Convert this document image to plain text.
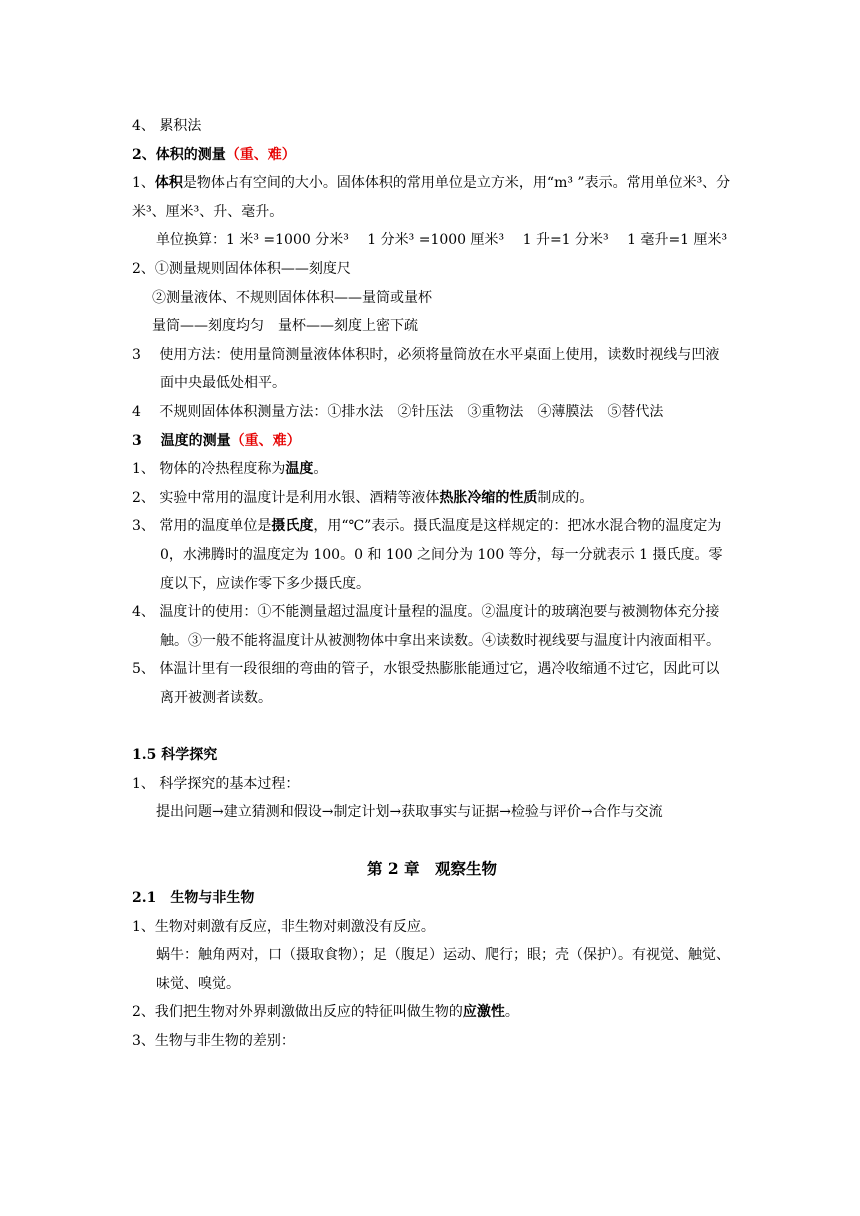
4、 累积法
2、体积的测量（重、难）
1、体积是物体占有空间的大小。固体体积的常用单位是立方米，用“m³ ”表示。常用单位米³、分米³、厘米³、升、毫升。
单位换算：1 米³ =1000 分米³　 1 分米³ =1000 厘米³　 1 升=1 分米³　 1 毫升=1 厘米³
2、①测量规则固体体积——刻度尺
②测量液体、不规则固体体积——量筒或量杯
量筒——刻度均匀　量杯——刻度上密下疏
3　 使用方法：使用量筒测量液体体积时，必须将量筒放在水平桌面上使用，读数时视线与凹液面中央最低处相平。
4　 不规则固体体积测量方法：①排水法　②针压法　③重物法　④薄膜法　⑤替代法
3　 温度的测量（重、难）
1、 物体的冷热程度称为温度。
2、 实验中常用的温度计是利用水银、酒精等液体热胀冷缩的性质制成的。
3、 常用的温度单位是摄氏度，用“℃”表示。摄氏温度是这样规定的：把冰水混合物的温度定为 0，水沸腾时的温度定为 100。0 和 100 之间分为 100 等分，每一分就表示 1 摄氏度。零度以下，应读作零下多少摄氏度。
4、 温度计的使用：①不能测量超过温度计量程的温度。②温度计的玻璃泡要与被测物体充分接触。③一般不能将温度计从被测物体中拿出来读数。④读数时视线要与温度计内液面相平。
5、 体温计里有一段很细的弯曲的管子，水银受热膨胀能通过它，遇冷收缩通不过它，因此可以离开被测者读数。
1.5 科学探究
1、 科学探究的基本过程：
提出问题→建立猜测和假设→制定计划→获取事实与证据→检验与评价→合作与交流
第 2 章　观察生物
2.1　生物与非生物
1、生物对刺激有反应，非生物对刺激没有反应。
蜗牛：触角两对，口（摄取食物）；足（腹足）运动、爬行；眼；壳（保护）。有视觉、触觉、味觉、嗅觉。
2、我们把生物对外界刺激做出反应的特征叫做生物的应激性。
3、生物与非生物的差别：
